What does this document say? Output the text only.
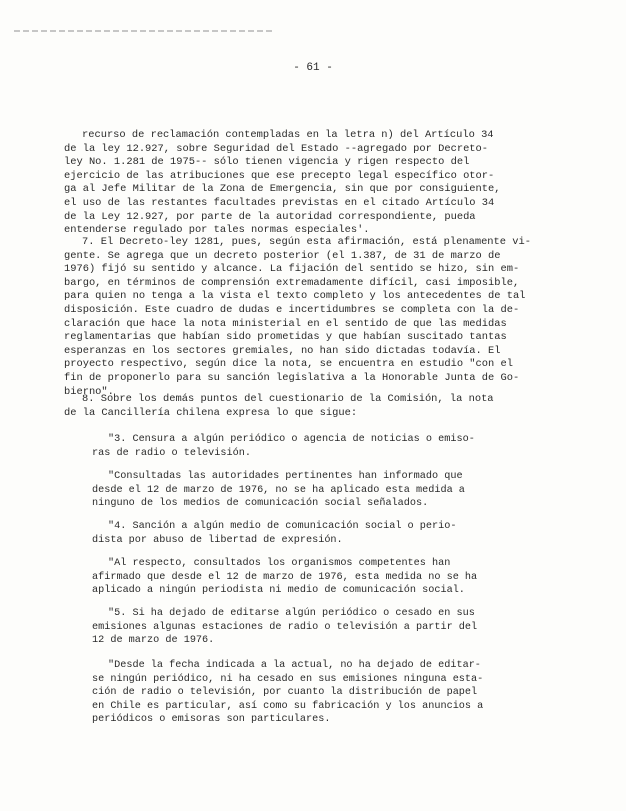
- 61 -
recurso de reclamación contempladas en la letra n) del Artículo 34
de la ley 12.927, sobre Seguridad del Estado --agregado por Decreto-
ley No. 1.281 de 1975-- sólo tienen vigencia y rigen respecto del
ejercicio de las atribuciones que ese precepto legal específico otor-
ga al Jefe Militar de la Zona de Emergencia, sin que por consiguiente,
el uso de las restantes facultades previstas en el citado Artículo 34
de la Ley 12.927, por parte de la autoridad correspondiente, pueda
entenderse regulado por tales normas especiales'.
7. El Decreto-ley 1281, pues, según esta afirmación, está plenamente vi-
gente. Se agrega que un decreto posterior (el 1.387, de 31 de marzo de
1976) fijó su sentido y alcance. La fijación del sentido se hizo, sin em-
bargo, en términos de comprensión extremadamente difícil, casi imposible,
para quien no tenga a la vista el texto completo y los antecedentes de tal
disposición. Este cuadro de dudas e incertidumbres se completa con la de-
claración que hace la nota ministerial en el sentido de que las medidas
reglamentarias que habían sido prometidas y que habían suscitado tantas
esperanzas en los sectores gremiales, no han sido dictadas todavía. El
proyecto respectivo, según dice la nota, se encuentra en estudio "con el
fin de proponerlo para su sanción legislativa a la Honorable Junta de Go-
bierno".
8. Sobre los demás puntos del cuestionario de la Comisión, la nota
de la Cancillería chilena expresa lo que sigue:
"3. Censura a algún periódico o agencia de noticias o emiso-
ras de radio o televisión.
"Consultadas las autoridades pertinentes han informado que
desde el 12 de marzo de 1976, no se ha aplicado esta medida a
ninguno de los medios de comunicación social señalados.
"4. Sanción a algún medio de comunicación social o perio-
dista por abuso de libertad de expresión.
"Al respecto, consultados los organismos competentes han
afirmado que desde el 12 de marzo de 1976, esta medida no se ha
aplicado a ningún periodista ni medio de comunicación social.
"5. Si ha dejado de editarse algún periódico o cesado en sus
emisiones algunas estaciones de radio o televisión a partir del
12 de marzo de 1976.
"Desde la fecha indicada a la actual, no ha dejado de editar-
se ningún periódico, ni ha cesado en sus emisiones ninguna esta-
ción de radio o televisión, por cuanto la distribución de papel
en Chile es particular, así como su fabricación y los anuncios a
periódicos o emisoras son particulares.
